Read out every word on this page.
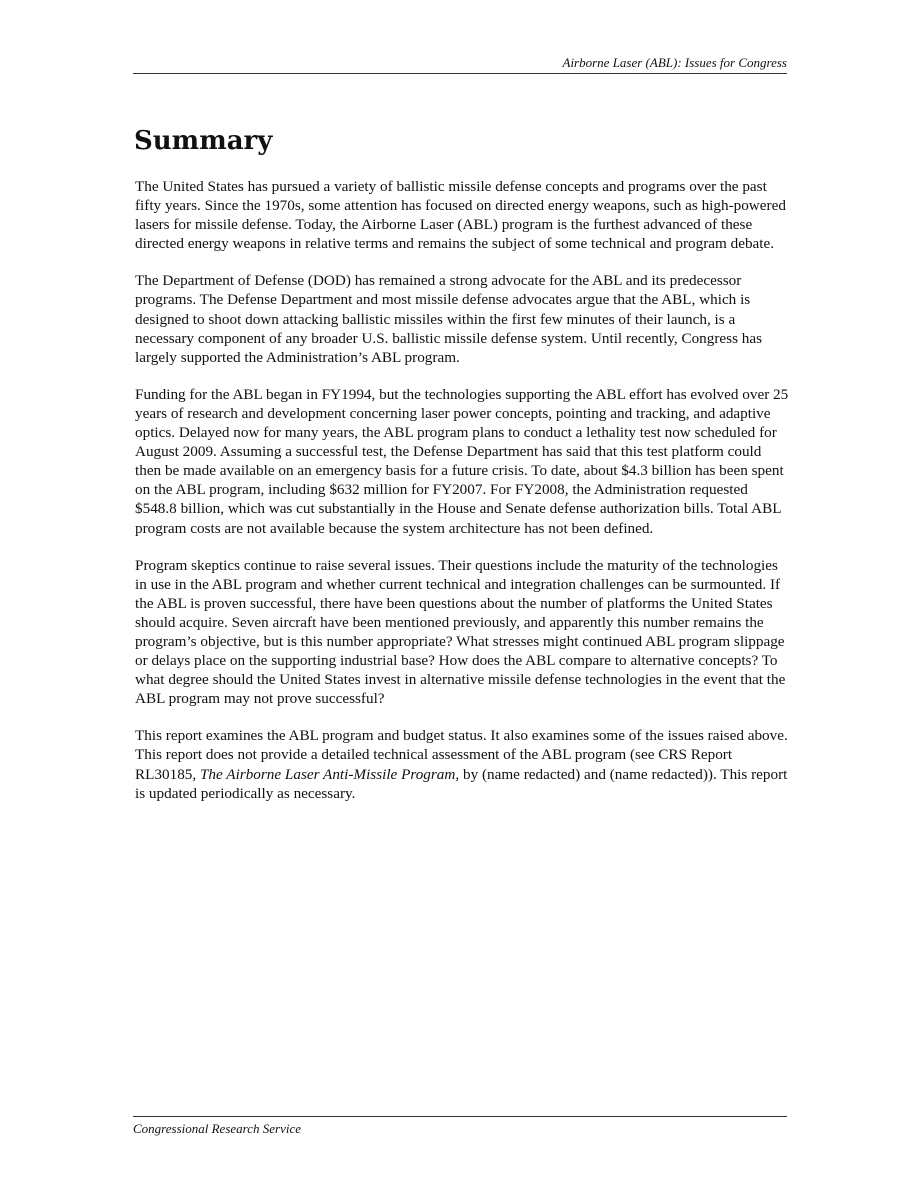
Airborne Laser (ABL): Issues for Congress
Summary

The United States has pursued a variety of ballistic missile defense concepts and programs over the past fifty years. Since the 1970s, some attention has focused on directed energy weapons, such as high-powered lasers for missile defense. Today, the Airborne Laser (ABL) program is the furthest advanced of these directed energy weapons in relative terms and remains the subject of some technical and program debate.

The Department of Defense (DOD) has remained a strong advocate for the ABL and its predecessor programs. The Defense Department and most missile defense advocates argue that the ABL, which is designed to shoot down attacking ballistic missiles within the first few minutes of their launch, is a necessary component of any broader U.S. ballistic missile defense system. Until recently, Congress has largely supported the Administration’s ABL program.

Funding for the ABL began in FY1994, but the technologies supporting the ABL effort has evolved over 25 years of research and development concerning laser power concepts, pointing and tracking, and adaptive optics. Delayed now for many years, the ABL program plans to conduct a lethality test now scheduled for August 2009. Assuming a successful test, the Defense Department has said that this test platform could then be made available on an emergency basis for a future crisis. To date, about $4.3 billion has been spent on the ABL program, including $632 million for FY2007. For FY2008, the Administration requested $548.8 billion, which was cut substantially in the House and Senate defense authorization bills. Total ABL program costs are not available because the system architecture has not been defined.

Program skeptics continue to raise several issues. Their questions include the maturity of the technologies in use in the ABL program and whether current technical and integration challenges can be surmounted. If the ABL is proven successful, there have been questions about the number of platforms the United States should acquire. Seven aircraft have been mentioned previously, and apparently this number remains the program’s objective, but is this number appropriate? What stresses might continued ABL program slippage or delays place on the supporting industrial base? How does the ABL compare to alternative concepts? To what degree should the United States invest in alternative missile defense technologies in the event that the ABL program may not prove successful?

This report examines the ABL program and budget status. It also examines some of the issues raised above. This report does not provide a detailed technical assessment of the ABL program (see CRS Report RL30185, The Airborne Laser Anti-Missile Program, by (name redacted) and (name redacted)). This report is updated periodically as necessary.

Congressional Research Service
